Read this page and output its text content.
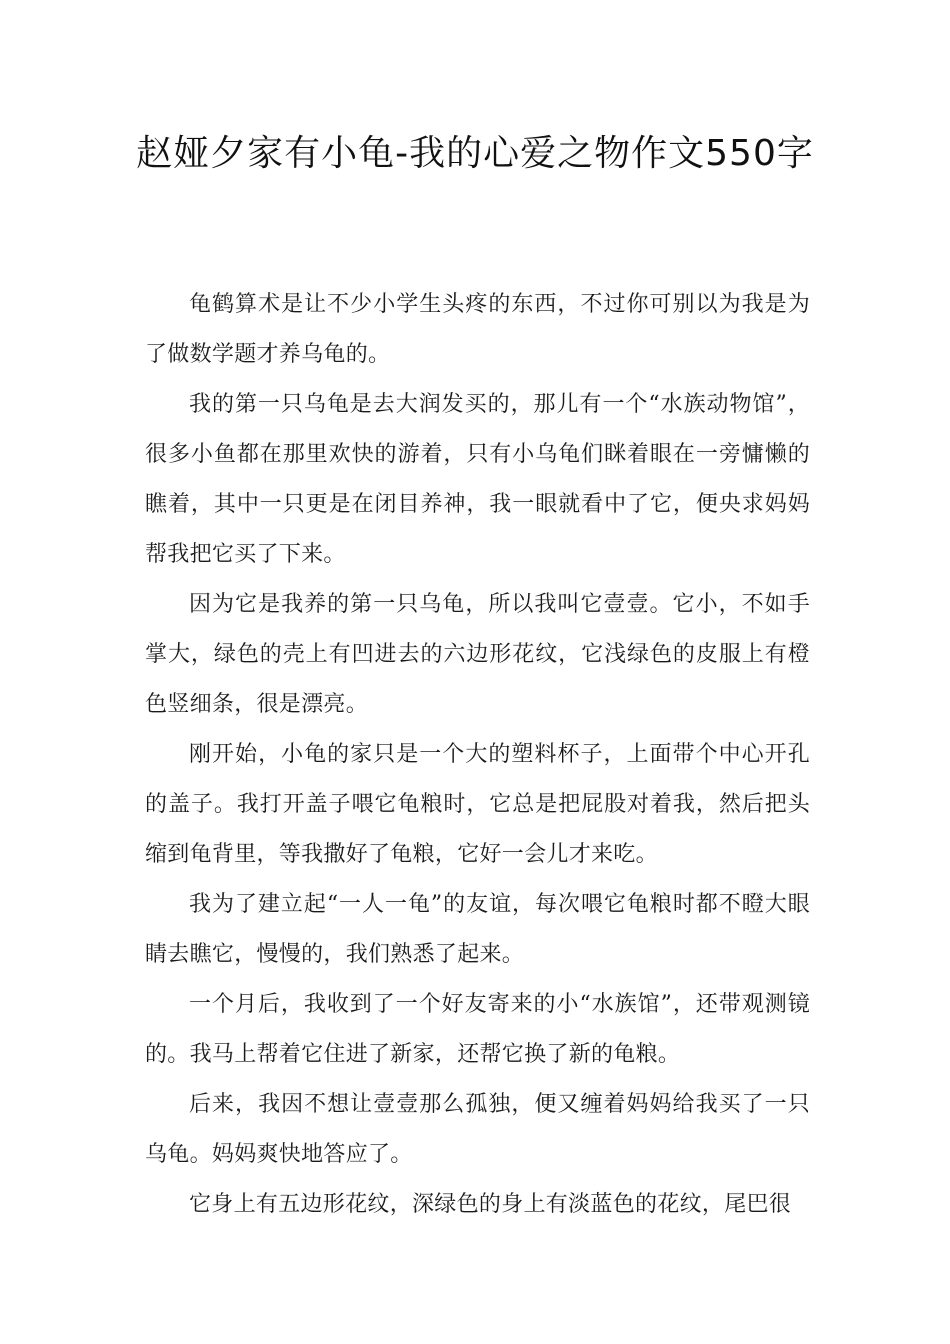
赵娅夕家有小龟-我的心爱之物作文550字

龟鹤算术是让不少小学生头疼的东西，不过你可别以为我是为了做数学题才养乌龟的。

我的第一只乌龟是去大润发买的，那儿有一个“水族动物馆”，很多小鱼都在那里欢快的游着，只有小乌龟们眯着眼在一旁慵懒的瞧着，其中一只更是在闭目养神，我一眼就看中了它，便央求妈妈帮我把它买了下来。

因为它是我养的第一只乌龟，所以我叫它壹壹。它小，不如手掌大，绿色的壳上有凹进去的六边形花纹，它浅绿色的皮服上有橙色竖细条，很是漂亮。

刚开始，小龟的家只是一个大的塑料杯子，上面带个中心开孔的盖子。我打开盖子喂它龟粮时，它总是把屁股对着我，然后把头缩到龟背里，等我撒好了龟粮，它好一会儿才来吃。

我为了建立起“一人一龟”的友谊，每次喂它龟粮时都不瞪大眼睛去瞧它，慢慢的，我们熟悉了起来。

一个月后，我收到了一个好友寄来的小“水族馆”，还带观测镜的。我马上帮着它住进了新家，还帮它换了新的龟粮。

后来，我因不想让壹壹那么孤独，便又缠着妈妈给我买了一只乌龟。妈妈爽快地答应了。

它身上有五边形花纹，深绿色的身上有淡蓝色的花纹，尾巴很
